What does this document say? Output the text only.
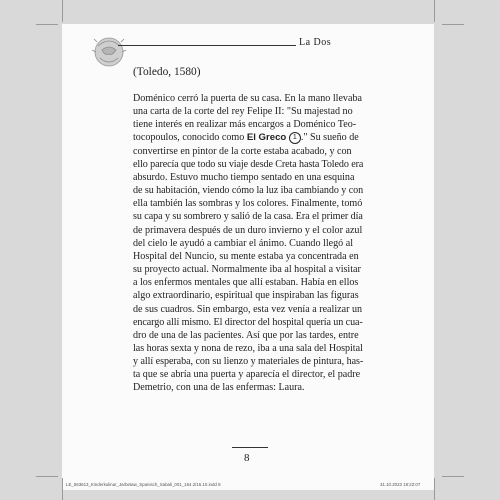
La Dos
(Toledo, 1580)
Doménico cerró la puerta de su casa. En la mano llevaba
una carta de la corte del rey Felipe II: "Su majestad no
tiene interés en realizar más encargos a Doménico Teo-
tocopoulos, conocido como El Greco 1 ." Su sueño de
convertirse en pintor de la corte estaba acabado, y con
ello parecía que todo su viaje desde Creta hasta Toledo era
absurdo. Estuvo mucho tiempo sentado en una esquina
de su habitación, viendo cómo la luz iba cambiando y con
ella también las sombras y los colores. Finalmente, tomó
su capa y su sombrero y salió de la casa. Era el primer día
de primavera después de un duro invierno y el color azul
del cielo le ayudó a cambiar el ánimo. Cuando llegó al
Hospital del Nuncio, su mente estaba ya concentrada en
su proyecto actual. Normalmente iba al hospital a visitar
a los enfermos mentales que allí estaban. Había en ellos
algo extraordinario, espiritual que inspiraban las figuras
de sus cuadros. Sin embargo, esta vez venía a realizar un
encargo allí mismo. El director del hospital quería un cua-
dro de una de las pacientes. Así que por las tardes, entre
las horas sexta y nona de rezo, iba a una sala del Hospital
y allí esperaba, con su lienzo y materiales de pintura, has-
ta que se abría una puerta y aparecía el director, el padre
Demetrio, con una de las enfermas: Laura.
8
LE_563613_Kinderkulinar_Jarbetaw_Spanisch_Sabali_001_164.2/16.10.indd 8	31.10.2023 18:22:07
